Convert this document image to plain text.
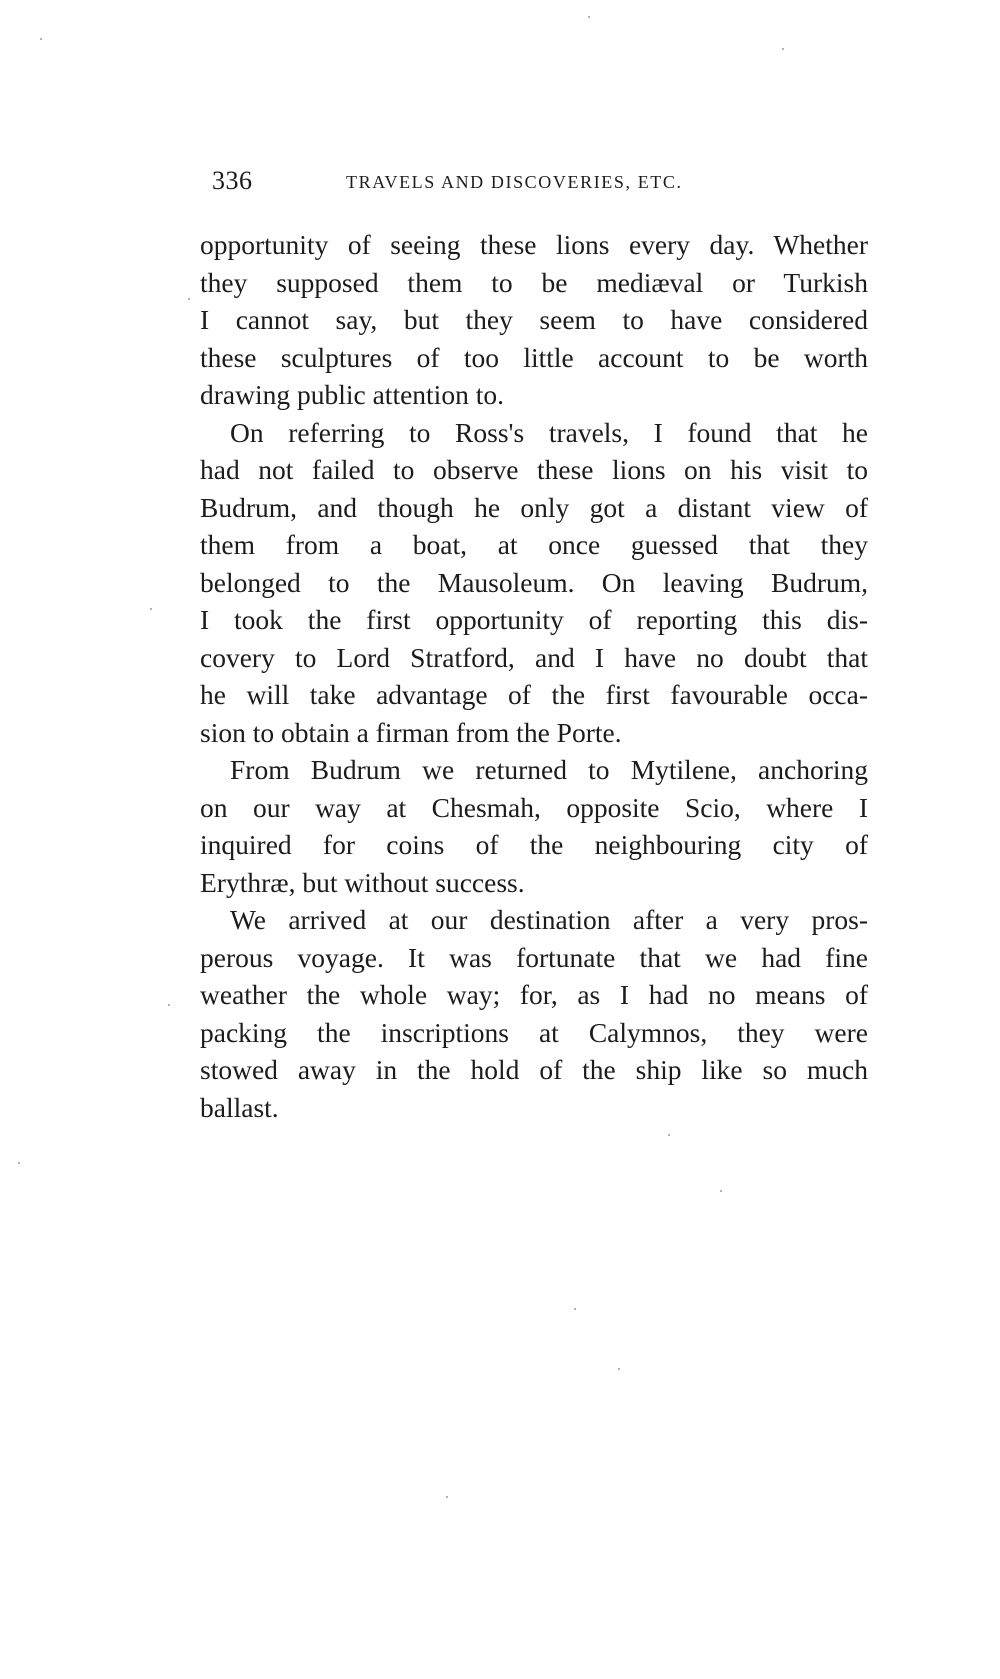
336	TRAVELS AND DISCOVERIES, ETC.
opportunity of seeing these lions every day. Whether
they supposed them to be mediæval or Turkish
I cannot say, but they seem to have considered
these sculptures of too little account to be worth
drawing public attention to.
On referring to Ross's travels, I found that he
had not failed to observe these lions on his visit to
Budrum, and though he only got a distant view of
them from a boat, at once guessed that they
belonged to the Mausoleum. On leaving Budrum,
I took the first opportunity of reporting this dis-
covery to Lord Stratford, and I have no doubt that
he will take advantage of the first favourable occa-
sion to obtain a firman from the Porte.
From Budrum we returned to Mytilene, anchoring
on our way at Chesmah, opposite Scio, where I
inquired for coins of the neighbouring city of
Erythræ, but without success.
We arrived at our destination after a very pros-
perous voyage. It was fortunate that we had fine
weather the whole way; for, as I had no means of
packing the inscriptions at Calymnos, they were
stowed away in the hold of the ship like so much
ballast.
